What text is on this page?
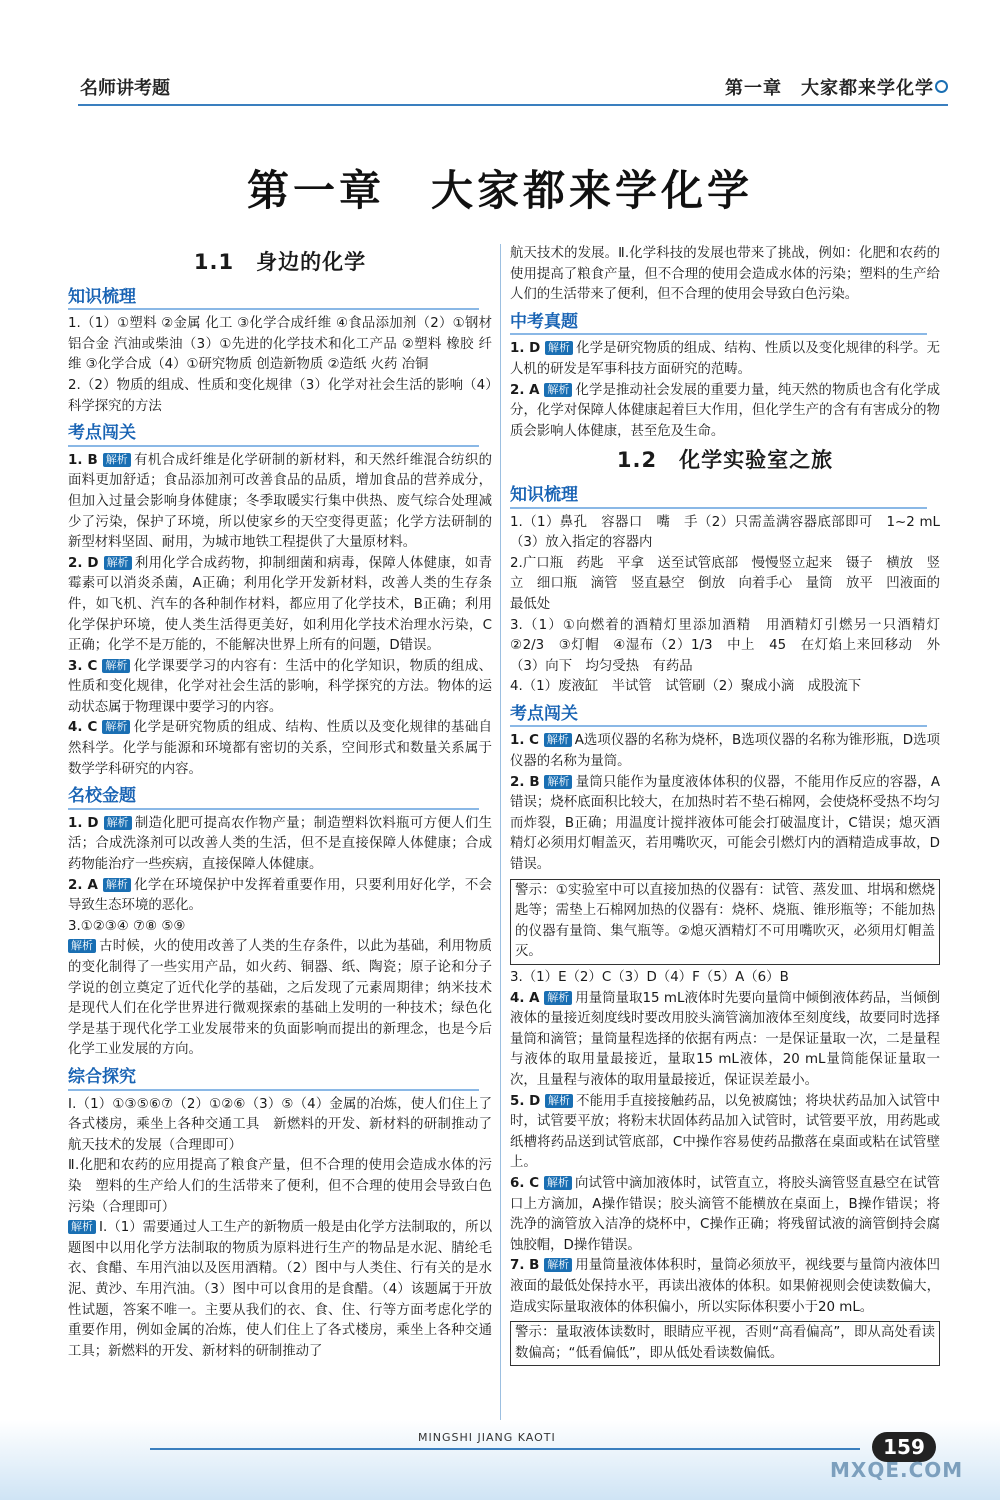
名师讲考题	第一章　大家都来学化学
第一章　大家都来学化学
1.1　身边的化学
知识梳理
1.（1）①塑料 ②金属 化工 ③化学合成纤维 ④食品添加剂（2）①钢材 铝合金 汽油或柴油（3）①先进的化学技术和化工产品 ②塑料 橡胶 纤维 ③化学合成（4）①研究物质 创造新物质 ②造纸 火药 冶铜
2.（2）物质的组成、性质和变化规律（3）化学对社会生活的影响（4）科学探究的方法
考点闯关
1. B 解析 有机合成纤维是化学研制的新材料，和天然纤维混合纺织的面料更加舒适；食品添加剂可改善食品的品质，增加食品的营养成分，但加入过量会影响身体健康；冬季取暖实行集中供热、废气综合处理减少了污染，保护了环境，所以使家乡的天空变得更蓝；化学方法研制的新型材料坚固、耐用，为城市地铁工程提供了大量原材料。
2. D 解析 利用化学合成药物，抑制细菌和病毒，保障人体健康，如青霉素可以消炎杀菌，A正确；利用化学开发新材料，改善人类的生存条件，如飞机、汽车的各种制作材料，都应用了化学技术，B正确；利用化学保护环境，使人类生活得更美好，如利用化学技术治理水污染，C正确；化学不是万能的，不能解决世界上所有的问题，D错误。
3. C 解析 化学课要学习的内容有：生活中的化学知识，物质的组成、性质和变化规律，化学对社会生活的影响，科学探究的方法。物体的运动状态属于物理课中要学习的内容。
4. C 解析 化学是研究物质的组成、结构、性质以及变化规律的基础自然科学。化学与能源和环境都有密切的关系，空间形式和数量关系属于数学学科研究的内容。
名校金题
1. D 解析 制造化肥可提高农作物产量；制造塑料饮料瓶可方便人们生活；合成洗涤剂可以改善人类的生活，但不是直接保障人体健康；合成药物能治疗一些疾病，直接保障人体健康。
2. A 解析 化学在环境保护中发挥着重要作用，只要利用好化学，不会导致生态环境的恶化。
3.①②③④ ⑦⑧ ⑤⑨
解析 古时候，火的使用改善了人类的生存条件，以此为基础，利用物质的变化制得了一些实用产品，如火药、铜器、纸、陶瓷；原子论和分子学说的创立奠定了近代化学的基础，之后发现了元素周期律；纳米技术是现代人们在化学世界进行微观探索的基础上发明的一种技术；绿色化学是基于现代化学工业发展带来的负面影响而提出的新理念，也是今后化学工业发展的方向。
综合探究
Ⅰ.（1）①③⑤⑥⑦（2）①②⑥（3）⑤（4）金属的冶炼，使人们住上了各式楼房，乘坐上各种交通工具　新燃料的开发、新材料的研制推动了航天技术的发展（合理即可）
Ⅱ.化肥和农药的应用提高了粮食产量，但不合理的使用会造成水体的污染　塑料的生产给人们的生活带来了便利，但不合理的使用会导致白色污染（合理即可）
解析 Ⅰ.（1）需要通过人工生产的新物质一般是由化学方法制取的，所以题图中以用化学方法制取的物质为原料进行生产的物品是水泥、腈纶毛衣、食醋、车用汽油以及医用酒精。（2）图中与人类住、行有关的是水泥、黄沙、车用汽油。（3）图中可以食用的是食醋。（4）该题属于开放性试题，答案不唯一。主要从我们的衣、食、住、行等方面考虑化学的重要作用，例如金属的冶炼，使人们住上了各式楼房，乘坐上各种交通工具；新燃料的开发、新材料的研制推动了
航天技术的发展。Ⅱ.化学科技的发展也带来了挑战，例如：化肥和农药的使用提高了粮食产量，但不合理的使用会造成水体的污染；塑料的生产给人们的生活带来了便利，但不合理的使用会导致白色污染。
中考真题
1. D 解析 化学是研究物质的组成、结构、性质以及变化规律的科学。无人机的研发是军事科技方面研究的范畴。
2. A 解析 化学是推动社会发展的重要力量，纯天然的物质也含有化学成分，化学对保障人体健康起着巨大作用，但化学生产的含有有害成分的物质会影响人体健康，甚至危及生命。
1.2　化学实验室之旅
知识梳理
1.（1）鼻孔　容器口　嘴　手（2）只需盖满容器底部即可　1~2 mL（3）放入指定的容器内
2.广口瓶　药匙　平拿　送至试管底部　慢慢竖立起来　镊子　横放　竖立　细口瓶　滴管　竖直悬空　倒放　向着手心　量筒　放平　凹液面的最低处
3.（1）①向燃着的酒精灯里添加酒精　用酒精灯引燃另一只酒精灯　②2/3　③灯帽　④湿布（2）1/3　中上　45　在灯焰上来回移动　外（3）向下　均匀受热　有药品
4.（1）废液缸　半试管　试管刷（2）聚成小滴　成股流下
考点闯关
1. C 解析 A选项仪器的名称为烧杯，B选项仪器的名称为锥形瓶，D选项仪器的名称为量筒。
2. B 解析 量筒只能作为量度液体体积的仪器，不能用作反应的容器，A错误；烧杯底面积比较大，在加热时若不垫石棉网，会使烧杯受热不均匀而炸裂，B正确；用温度计搅拌液体可能会打破温度计，C错误；熄灭酒精灯必须用灯帽盖灭，若用嘴吹灭，可能会引燃灯内的酒精造成事故，D错误。
警示：①实验室中可以直接加热的仪器有：试管、蒸发皿、坩埚和燃烧匙等；需垫上石棉网加热的仪器有：烧杯、烧瓶、锥形瓶等；不能加热的仪器有量筒、集气瓶等。②熄灭酒精灯不可用嘴吹灭，必须用灯帽盖灭。
3.（1）E（2）C（3）D（4）F（5）A（6）B
4. A 解析 用量筒量取15 mL液体时先要向量筒中倾倒液体药品，当倾倒液体的量接近刻度线时要改用胶头滴管滴加液体至刻度线，故要同时选择量筒和滴管；量筒量程选择的依据有两点：一是保证量取一次，二是量程与液体的取用量最接近，量取15 mL液体，20 mL量筒能保证量取一次，且量程与液体的取用量最接近，保证误差最小。
5. D 解析 不能用手直接接触药品，以免被腐蚀；将块状药品加入试管中时，试管要平放；将粉末状固体药品加入试管时，试管要平放，用药匙或纸槽将药品送到试管底部，C中操作容易使药品撒落在桌面或粘在试管壁上。
6. C 解析 向试管中滴加液体时，试管直立，将胶头滴管竖直悬空在试管口上方滴加，A操作错误；胶头滴管不能横放在桌面上，B操作错误；将洗净的滴管放入洁净的烧杯中，C操作正确；将残留试液的滴管倒持会腐蚀胶帽，D操作错误。
7. B 解析 用量筒量液体体积时，量筒必须放平，视线要与量筒内液体凹液面的最低处保持水平，再读出液体的体积。如果俯视则会使读数偏大，造成实际量取液体的体积偏小，所以实际体积要小于20 mL。
警示：量取液体读数时，眼睛应平视，否则“高看偏高”，即从高处看读数偏高；“低看偏低”，即从低处看读数偏低。
MINGSHI JIANG KAOTI	159
MXQE.COM
